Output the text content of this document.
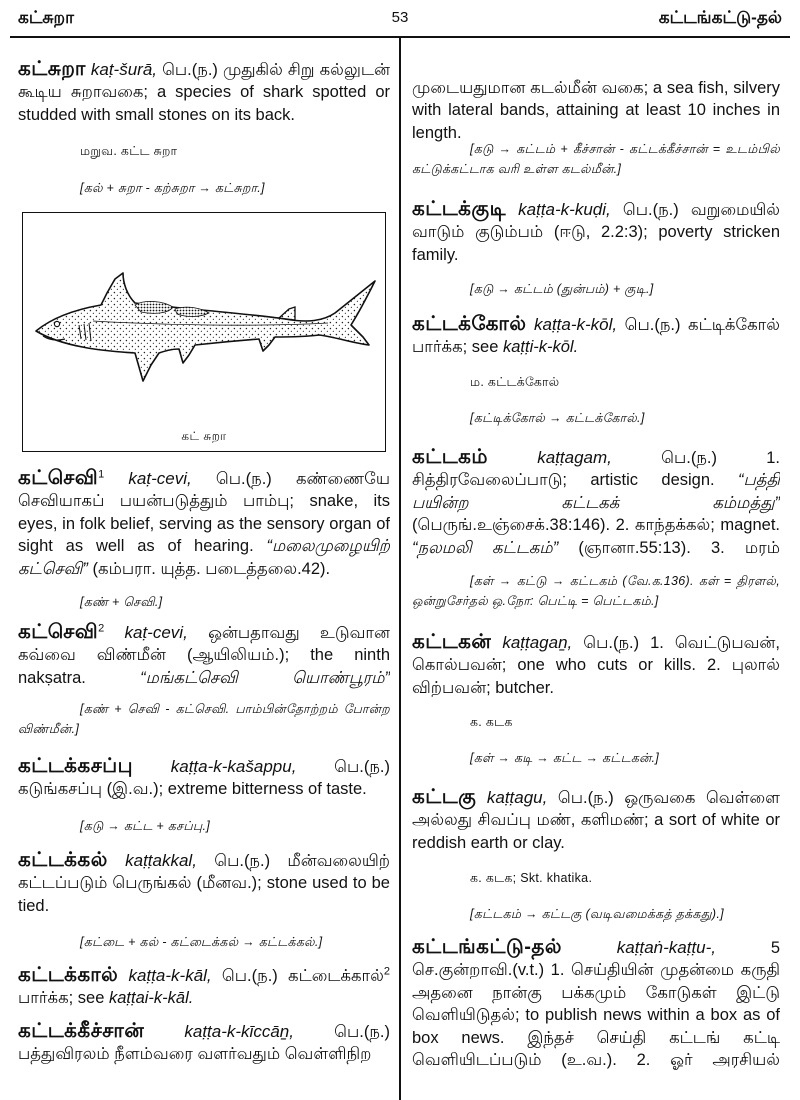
கட்சுறா	53	கட்டங்கட்டு-தல்
கட்சுறா kaṭ-šurā, பெ.(ந.) முதுகில் சிறு கல்லுடன் கூடிய சுறாவகை; a species of shark spotted or studded with small stones on its back.
மறுவ. கட்ட சுறா
[கல் + சுறா - கற்சுறா → கட்சுறா.]
கட் சுறா
கட்செவி$^1$ kaṭ-cevi, பெ.(ந.) கண்ணையே செவியாகப் பயன்படுத்தும் பாம்பு; snake, its eyes, in folk belief, serving as the sensory organ of sight as well as of hearing. “மலைமுழையிற் கட்செவி” (கம்பரா. யுத்த. படைத்தலை.42).
[கண் + செவி.]
கட்செவி$^2$ kaṭ-cevi, ஒன்பதாவது உடுவான கவ்வை விண்மீன் (ஆயிலியம்.); the ninth nakṣatra. “மங்கட்செவி யொண்பூரம்”
[கண் + செவி - கட்செவி. பாம்பின்தோற்றம் போன்ற விண்மீன்.]
கட்டக்கசப்பு kaṭṭa-k-kašappu, பெ.(ந.) கடுங்கசப்பு (இ.வ.); extreme bitterness of taste.
[கடு → கட்ட + கசப்பு.]
கட்டக்கல் kaṭṭakkal, பெ.(ந.) மீன்வலையிற் கட்டப்படும் பெருங்கல் (மீனவ.); stone used to be tied.
[கட்டை + கல் - கட்டைக்கல் → கட்டக்கல்.]
கட்டக்கால் kaṭṭa-k-kāl, பெ.(ந.) கட்டைக்கால்$^2$ பார்க்க; see kaṭṭai-k-kāl.
கட்டக்கீச்சான் kaṭṭa-k-kīccāṉ, பெ.(ந.) பத்துவிரலம் நீளம்வரை வளர்வதும் வெள்ளிநிற
முடையதுமான கடல்மீன் வகை; a sea fish, silvery with lateral bands, attaining at least 10 inches in length.
[கடு → கட்டம் + கீச்சான் - கட்டக்கீச்சான் = உடம்பில் கட்டுக்கட்டாக வரி உள்ள கடல்மீன்.]
கட்டக்குடி kaṭṭa-k-kuḍi, பெ.(ந.) வறுமையில் வாடும் குடும்பம் (ஈடு, 2.2:3); poverty stricken family.
[கடு → கட்டம் (துன்பம்) + குடி.]
கட்டக்கோல் kaṭṭa-k-kōl, பெ.(ந.) கட்டிக்கோல் பார்க்க; see kaṭṭi-k-kōl.
ம. கட்டக்கோல்
[கட்டிக்கோல் → கட்டக்கோல்.]
கட்டகம்	kaṭṭagam,	பெ.(ந.) 1. சித்திரவேலைப்பாடு; artistic design. “பத்தி பயின்ற கட்டகக் கம்மத்து” (பெருங்.உஞ்சைக்.38:146). 2. காந்தக்கல்; magnet. “நலமலி கட்டகம்” (ஞானா.55:13). 3. மரம்
[கள் → கட்டு → கட்டகம் (வே.க.136). கள் = திரளல், ஒன்றுசேர்தல் ஒ.நோ: பெட்டி = பெட்டகம்.]
கட்டகன் kaṭṭagaṉ, பெ.(ந.) 1. வெட்டுபவன், கொல்பவன்; one who cuts or kills. 2. புலால் விற்பவன்; butcher.
க. கடக
[கள் → கடி → கட்ட → கட்டகன்.]
கட்டகு kaṭṭagu, பெ.(ந.) ஒருவகை வெள்ளை அல்லது சிவப்பு மண், களிமண்; a sort of white or reddish earth or clay.
க. கடக; Skt. khatika.
[கட்டகம் → கட்டகு (வடிவமைக்கத் தக்கது).]
கட்டங்கட்டு-தல்	kaṭṭaṅ-kaṭṭu-,	5 செ.குன்றாவி.(v.t.) 1. செய்தியின் முதன்மை கருதி அதனை நான்கு பக்கமும் கோடுகள் இட்டு வெளியிடுதல்; to publish news within a box as of box news. இந்தச் செய்தி கட்டங் கட்டி வெளியிடப்படும் (உ.வ.). 2. ஓர் அரசியல்
